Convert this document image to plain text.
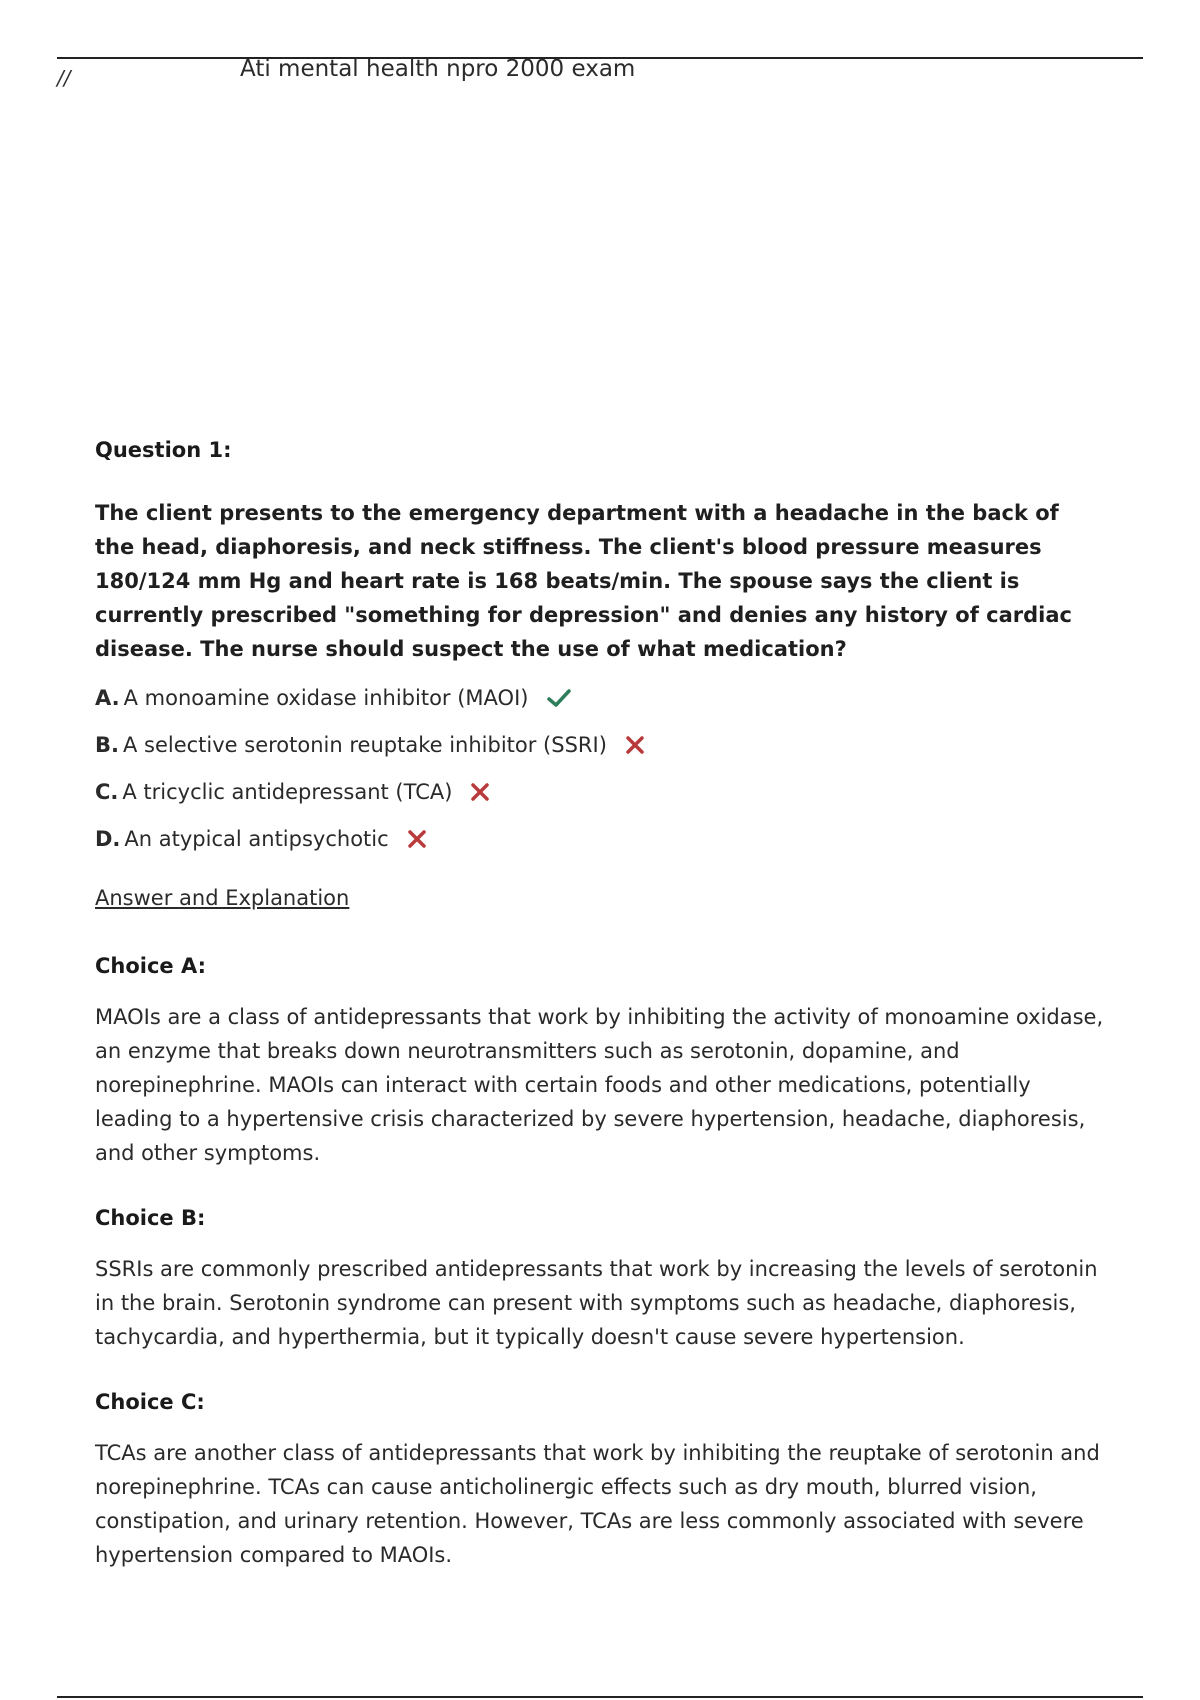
//	Ati mental health npro 2000 exam
Question 1:

The client presents to the emergency department with a headache in the back of the head, diaphoresis, and neck stiffness. The client's blood pressure measures 180/124 mm Hg and heart rate is 168 beats/min. The spouse says the client is currently prescribed "something for depression" and denies any history of cardiac disease. The nurse should suspect the use of what medication?

A. A monoamine oxidase inhibitor (MAOI)
B. A selective serotonin reuptake inhibitor (SSRI)
C. A tricyclic antidepressant (TCA)
D. An atypical antipsychotic
Answer and Explanation
Choice A:

MAOIs are a class of antidepressants that work by inhibiting the activity of monoamine oxidase, an enzyme that breaks down neurotransmitters such as serotonin, dopamine, and norepinephrine. MAOIs can interact with certain foods and other medications, potentially leading to a hypertensive crisis characterized by severe hypertension, headache, diaphoresis, and other symptoms.

Choice B:

SSRIs are commonly prescribed antidepressants that work by increasing the levels of serotonin in the brain. Serotonin syndrome can present with symptoms such as headache, diaphoresis, tachycardia, and hyperthermia, but it typically doesn't cause severe hypertension.

Choice C:

TCAs are another class of antidepressants that work by inhibiting the reuptake of serotonin and norepinephrine. TCAs can cause anticholinergic effects such as dry mouth, blurred vision, constipation, and urinary retention. However, TCAs are less commonly associated with severe hypertension compared to MAOIs.
